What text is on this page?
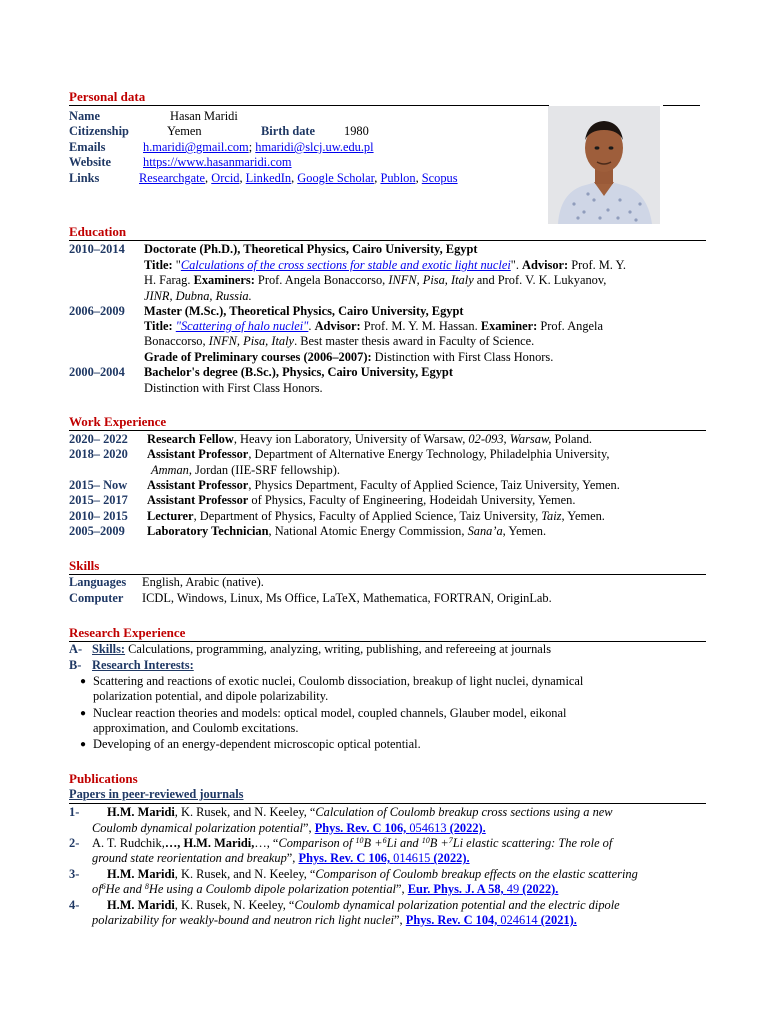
Personal data
Name	Hasan Maridi
Citizenship	Yemen	Birth date 1980
Emails	h.maridi@gmail.com; hmaridi@slcj.uw.edu.pl
Website	https://www.hasanmaridi.com
Links	Researchgate, Orcid, LinkedIn, Google Scholar, Publon, Scopus
Education
2010–2014 Doctorate (Ph.D.), Theoretical Physics, Cairo University, Egypt
Title: "Calculations of the cross sections for stable and exotic light nuclei". Advisor: Prof. M. Y.
H. Farag. Examiners: Prof. Angela Bonaccorso, INFN, Pisa, Italy and Prof. V. K. Lukyanov,
JINR, Dubna, Russia.
2006–2009 Master (M.Sc.), Theoretical Physics, Cairo University, Egypt
Title: "Scattering of halo nuclei". Advisor: Prof. M. Y. M. Hassan. Examiner: Prof. Angela
Bonaccorso, INFN, Pisa, Italy. Best master thesis award in Faculty of Science.
Grade of Preliminary courses (2006–2007): Distinction with First Class Honors.
2000–2004 Bachelor's degree (B.Sc.), Physics, Cairo University, Egypt
Distinction with First Class Honors.
Work Experience
2020– 2022 Research Fellow, Heavy ion Laboratory, University of Warsaw, 02-093, Warsaw, Poland.
2018– 2020 Assistant Professor, Department of Alternative Energy Technology, Philadelphia University,
Amman, Jordan (IIE-SRF fellowship).
2015– Now Assistant Professor, Physics Department, Faculty of Applied Science, Taiz University, Yemen.
2015– 2017 Assistant Professor of Physics, Faculty of Engineering, Hodeidah University, Yemen.
2010– 2015 Lecturer, Department of Physics, Faculty of Applied Science, Taiz University, Taiz, Yemen.
2005–2009 Laboratory Technician, National Atomic Energy Commission, Sana’a, Yemen.
Skills
Languages English, Arabic (native).
Computer ICDL, Windows, Linux, Ms Office, LaTeX, Mathematica, FORTRAN, OriginLab.
Research Experience
A- Skills: Calculations, programming, analyzing, writing, publishing, and refereeing at journals
B- Research Interests:
● Scattering and reactions of exotic nuclei, Coulomb dissociation, breakup of light nuclei, dynamical
polarization potential, and dipole polarizability.
● Nuclear reaction theories and models: optical model, coupled channels, Glauber model, eikonal
approximation, and Coulomb excitations.
● Developing of an energy-dependent microscopic optical potential.
Publications
Papers in peer-reviewed journals
1- H.M. Maridi, K. Rusek, and N. Keeley, “Calculation of Coulomb breakup cross sections using a new
Coulomb dynamical polarization potential”, Phys. Rev. C 106, 054613 (2022).
2- A. T. Rudchik,…, H.M. Maridi,…, “Comparison of $^{10}$B +$^6$Li and $^{10}$B +$^7$Li elastic scattering: The role of
ground state reorientation and breakup”, Phys. Rev. C 106, 014615 (2022).
3- H.M. Maridi, K. Rusek, and N. Keeley, “Comparison of Coulomb breakup effects on the elastic scattering
$of^6He$ and $^8$He using a Coulomb dipole polarization potential”, Eur. Phys. J. A 58, 49 (2022).
4- H.M. Maridi, K. Rusek, N. Keeley, “Coulomb dynamical polarization potential and the electric dipole
polarizability for weakly-bound and neutron rich light nuclei”, Phys. Rev. C 104, 024614 (2021).
